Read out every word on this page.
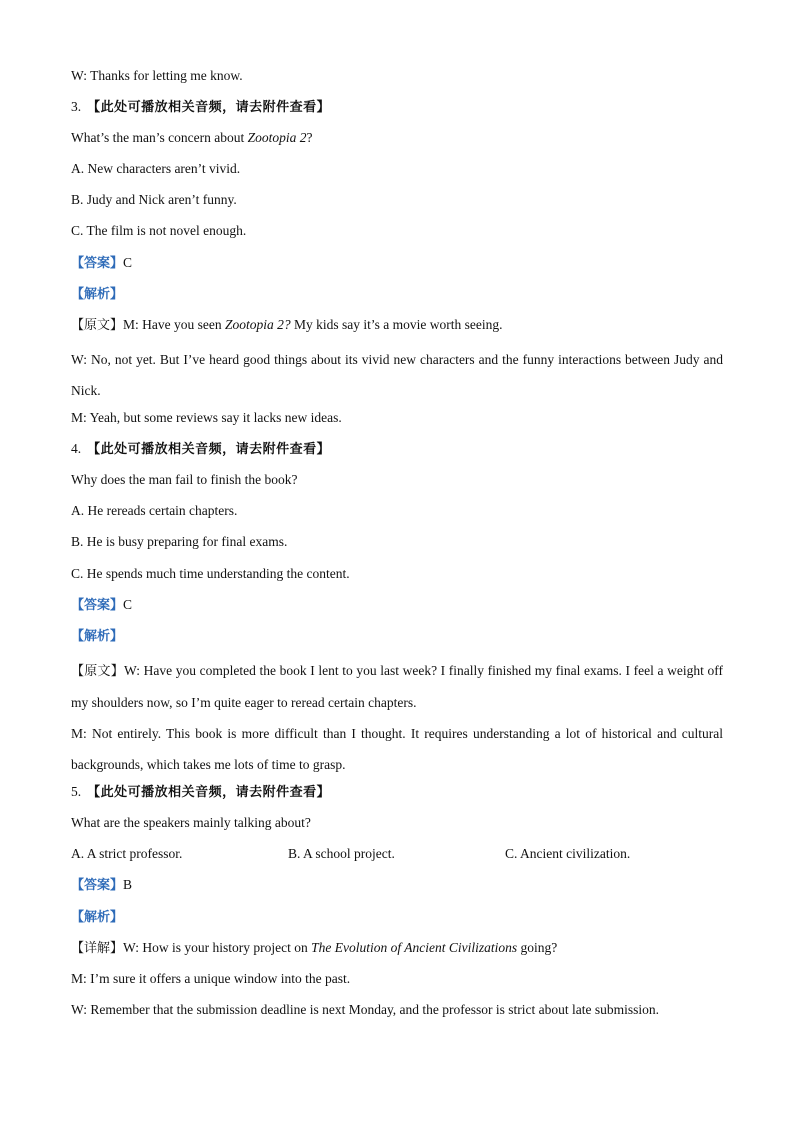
W: Thanks for letting me know.
3. 【此处可播放相关音频，请去附件查看】
What’s the man’s concern about Zootopia 2?
A. New characters aren’t vivid.
B. Judy and Nick aren’t funny.
C. The film is not novel enough.
【答案】C
【解析】
【原文】M: Have you seen Zootopia 2? My kids say it’s a movie worth seeing.
W: No, not yet. But I’ve heard good things about its vivid new characters and the funny interactions between Judy and Nick.
M: Yeah, but some reviews say it lacks new ideas.
4. 【此处可播放相关音频，请去附件查看】
Why does the man fail to finish the book?
A. He rereads certain chapters.
B. He is busy preparing for final exams.
C. He spends much time understanding the content.
【答案】C
【解析】
【原文】W: Have you completed the book I lent to you last week? I finally finished my final exams. I feel a weight off my shoulders now, so I’m quite eager to reread certain chapters.
M: Not entirely. This book is more difficult than I thought. It requires understanding a lot of historical and cultural backgrounds, which takes me lots of time to grasp.
5. 【此处可播放相关音频，请去附件查看】
What are the speakers mainly talking about?
A. A strict professor.	B. A school project.	C. Ancient civilization.
【答案】B
【解析】
【详解】W: How is your history project on The Evolution of Ancient Civilizations going?
M: I’m sure it offers a unique window into the past.
W: Remember that the submission deadline is next Monday, and the professor is strict about late submission.
